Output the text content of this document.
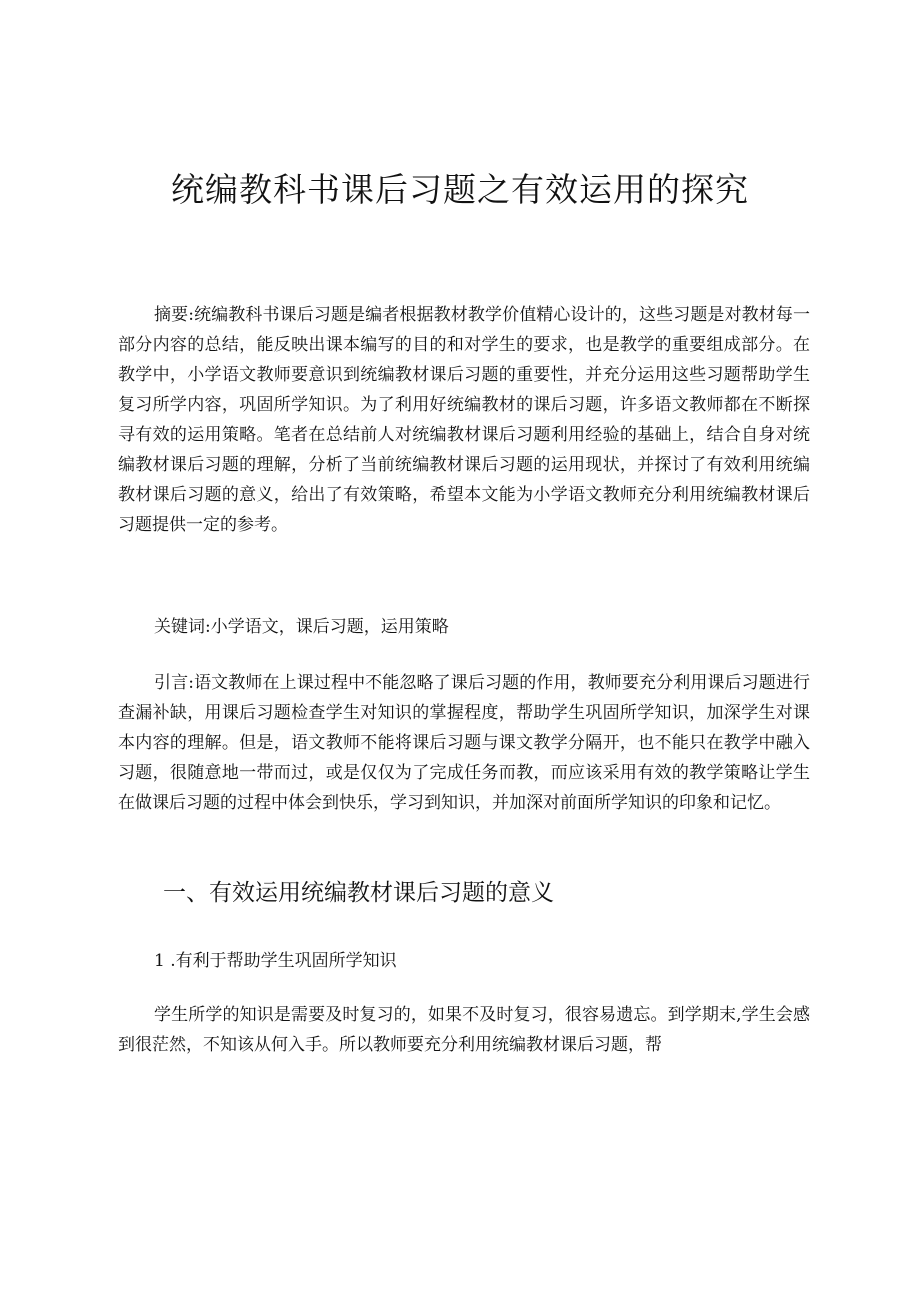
统编教科书课后习题之有效运用的探究

摘要:统编教科书课后习题是编者根据教材教学价值精心设计的，这些习题是对教材每一部分内容的总结，能反映出课本编写的目的和对学生的要求，也是教学的重要组成部分。在教学中，小学语文教师要意识到统编教材课后习题的重要性，并充分运用这些习题帮助学生复习所学内容，巩固所学知识。为了利用好统编教材的课后习题，许多语文教师都在不断探寻有效的运用策略。笔者在总结前人对统编教材课后习题利用经验的基础上，结合自身对统编教材课后习题的理解，分析了当前统编教材课后习题的运用现状，并探讨了有效利用统编教材课后习题的意义，给出了有效策略，希望本文能为小学语文教师充分利用统编教材课后习题提供一定的参考。

关键词:小学语文，课后习题，运用策略

引言:语文教师在上课过程中不能忽略了课后习题的作用，教师要充分利用课后习题进行查漏补缺，用课后习题检查学生对知识的掌握程度，帮助学生巩固所学知识，加深学生对课本内容的理解。但是，语文教师不能将课后习题与课文教学分隔开，也不能只在教学中融入习题，很随意地一带而过，或是仅仅为了完成任务而教，而应该采用有效的教学策略让学生在做课后习题的过程中体会到快乐，学习到知识，并加深对前面所学知识的印象和记忆。

一、有效运用统编教材课后习题的意义
1 .有利于帮助学生巩固所学知识

学生所学的知识是需要及时复习的，如果不及时复习，很容易遗忘。到学期末,学生会感到很茫然，不知该从何入手。所以教师要充分利用统编教材课后习题，帮
